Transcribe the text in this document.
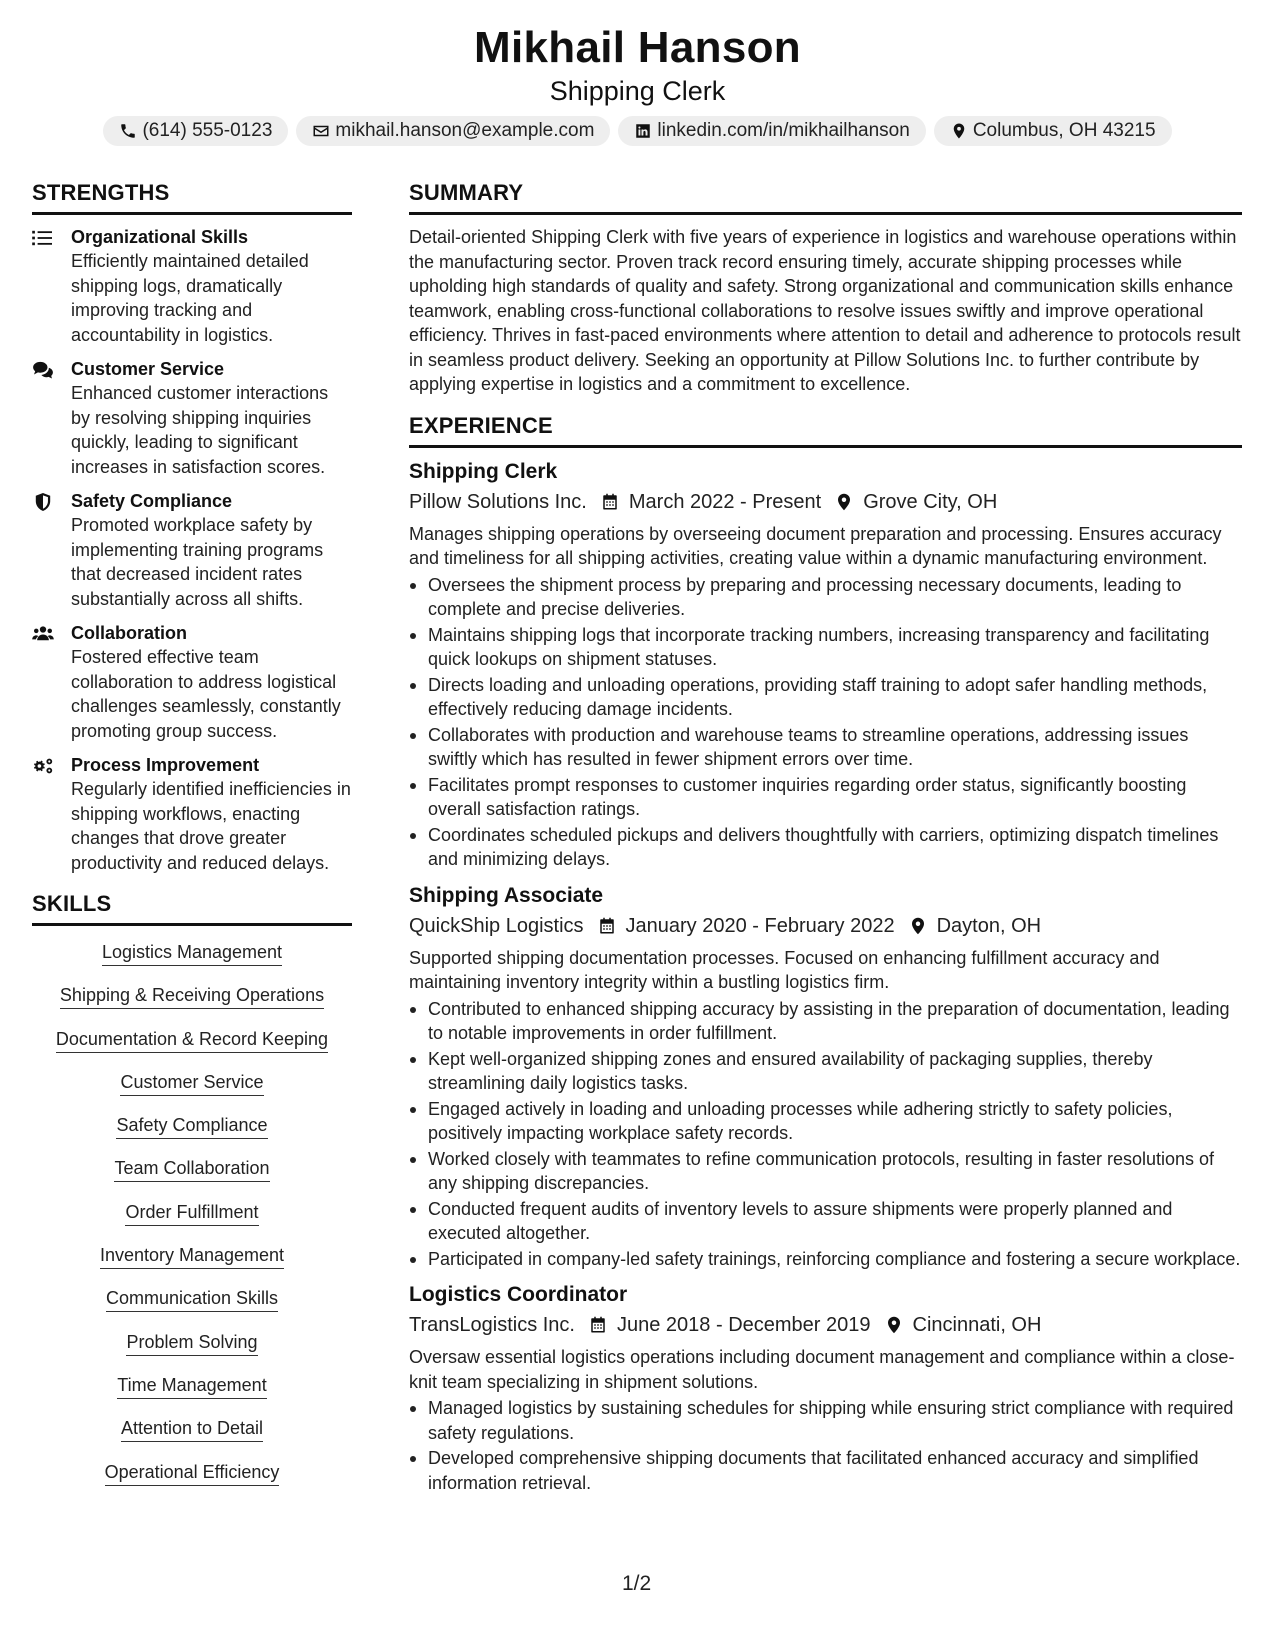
Mikhail Hanson
Shipping Clerk
(614) 555-0123	mikhail.hanson@example.com	linkedin.com/in/mikhailhanson	Columbus, OH 43215
STRENGTHS
Organizational Skills
Efficiently maintained detailed shipping logs, dramatically improving tracking and accountability in logistics.
Customer Service
Enhanced customer interactions by resolving shipping inquiries quickly, leading to significant increases in satisfaction scores.
Safety Compliance
Promoted workplace safety by implementing training programs that decreased incident rates substantially across all shifts.
Collaboration
Fostered effective team collaboration to address logistical challenges seamlessly, constantly promoting group success.
Process Improvement
Regularly identified inefficiencies in shipping workflows, enacting changes that drove greater productivity and reduced delays.
SKILLS
Logistics Management
Shipping & Receiving Operations
Documentation & Record Keeping
Customer Service
Safety Compliance
Team Collaboration
Order Fulfillment
Inventory Management
Communication Skills
Problem Solving
Time Management
Attention to Detail
Operational Efficiency
SUMMARY
Detail-oriented Shipping Clerk with five years of experience in logistics and warehouse operations within the manufacturing sector. Proven track record ensuring timely, accurate shipping processes while upholding high standards of quality and safety. Strong organizational and communication skills enhance teamwork, enabling cross-functional collaborations to resolve issues swiftly and improve operational efficiency. Thrives in fast-paced environments where attention to detail and adherence to protocols result in seamless product delivery. Seeking an opportunity at Pillow Solutions Inc. to further contribute by applying expertise in logistics and a commitment to excellence.
EXPERIENCE
Shipping Clerk
Pillow Solutions Inc. March 2022 - Present Grove City, OH
Manages shipping operations by overseeing document preparation and processing. Ensures accuracy and timeliness for all shipping activities, creating value within a dynamic manufacturing environment.
Oversees the shipment process by preparing and processing necessary documents, leading to complete and precise deliveries.
Maintains shipping logs that incorporate tracking numbers, increasing transparency and facilitating quick lookups on shipment statuses.
Directs loading and unloading operations, providing staff training to adopt safer handling methods, effectively reducing damage incidents.
Collaborates with production and warehouse teams to streamline operations, addressing issues swiftly which has resulted in fewer shipment errors over time.
Facilitates prompt responses to customer inquiries regarding order status, significantly boosting overall satisfaction ratings.
Coordinates scheduled pickups and delivers thoughtfully with carriers, optimizing dispatch timelines and minimizing delays.
Shipping Associate
QuickShip Logistics January 2020 - February 2022 Dayton, OH
Supported shipping documentation processes. Focused on enhancing fulfillment accuracy and maintaining inventory integrity within a bustling logistics firm.
Contributed to enhanced shipping accuracy by assisting in the preparation of documentation, leading to notable improvements in order fulfillment.
Kept well-organized shipping zones and ensured availability of packaging supplies, thereby streamlining daily logistics tasks.
Engaged actively in loading and unloading processes while adhering strictly to safety policies, positively impacting workplace safety records.
Worked closely with teammates to refine communication protocols, resulting in faster resolutions of any shipping discrepancies.
Conducted frequent audits of inventory levels to assure shipments were properly planned and executed altogether.
Participated in company-led safety trainings, reinforcing compliance and fostering a secure workplace.
Logistics Coordinator
TransLogistics Inc. June 2018 - December 2019 Cincinnati, OH
Oversaw essential logistics operations including document management and compliance within a close-knit team specializing in shipment solutions.
Managed logistics by sustaining schedules for shipping while ensuring strict compliance with required safety regulations.
Developed comprehensive shipping documents that facilitated enhanced accuracy and simplified information retrieval.
1/2
